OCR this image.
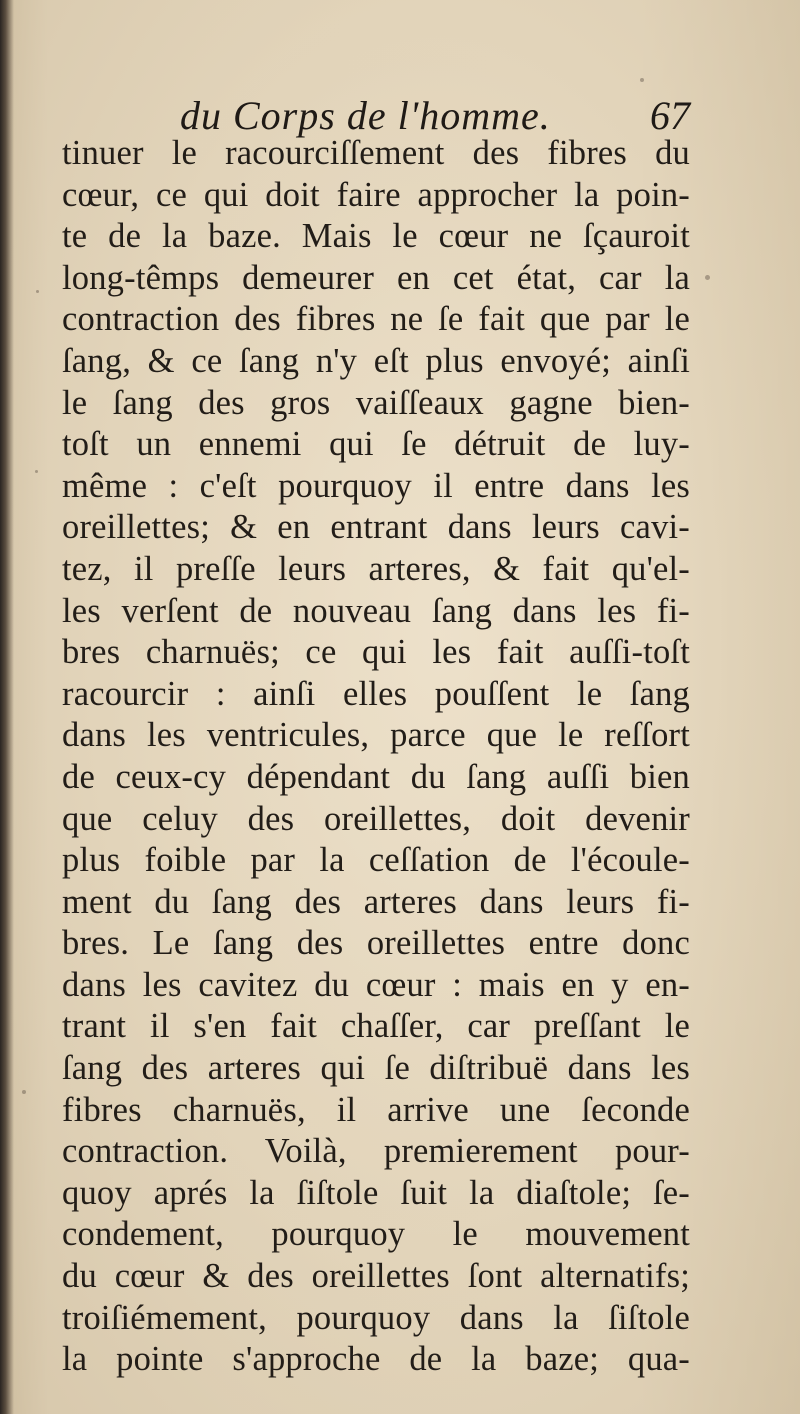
du Corps de l'homme. 67
tinuer le racourciſſement des fibres du
cœur, ce qui doit faire approcher la poin-
te de la baze. Mais le cœur ne ſçauroit
long-têmps demeurer en cet état, car la
contraction des fibres ne ſe fait que par le
ſang, & ce ſang n'y eſt plus envoyé; ainſi
le ſang des gros vaiſſeaux gagne bien-
toſt un ennemi qui ſe détruit de luy-
même : c'eſt pourquoy il entre dans les
oreillettes; & en entrant dans leurs cavi-
tez, il preſſe leurs arteres, & fait qu'el-
les verſent de nouveau ſang dans les fi-
bres charnuës; ce qui les fait auſſi-toſt
racourcir : ainſi elles pouſſent le ſang
dans les ventricules, parce que le reſſort
de ceux-cy dépendant du ſang auſſi bien
que celuy des oreillettes, doit devenir
plus foible par la ceſſation de l'écoule-
ment du ſang des arteres dans leurs fi-
bres. Le ſang des oreillettes entre donc
dans les cavitez du cœur : mais en y en-
trant il s'en fait chaſſer, car preſſant le
ſang des arteres qui ſe diſtribuë dans les
fibres charnuës, il arrive une ſeconde
contraction. Voilà, premierement pour-
quoy aprés la ſiſtole ſuit la diaſtole; ſe-
condement, pourquoy le mouvement
du cœur & des oreillettes ſont alternatifs;
troiſiémement, pourquoy dans la ſiſtole
la pointe s'approche de la baze; qua-
